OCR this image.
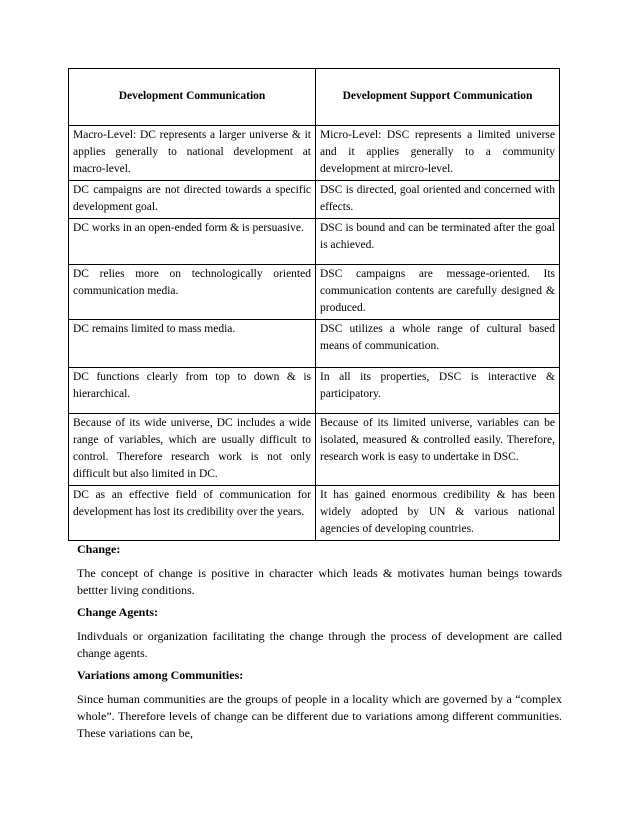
Development Communication	Development Support Communication
Macro-Level: DC represents a larger universe & it applies generally to national development at macro-level.	Micro-Level: DSC represents a limited universe and it applies generally to a community development at mircro-level.
DC campaigns are not directed towards a specific development goal.	DSC is directed, goal oriented and concerned with effects.
DC works in an open-ended form & is persuasive.	DSC is bound and can be terminated after the goal is achieved.
DC relies more on technologically oriented communication media.	DSC campaigns are message-oriented. Its communication contents are carefully designed & produced.
DC remains limited to mass media.	DSC utilizes a whole range of cultural based means of communication.
DC functions clearly from top to down & is hierarchical.	In all its properties, DSC is interactive & participatory.
Because of its wide universe, DC includes a wide range of variables, which are usually difficult to control. Therefore research work is not only difficult but also limited in DC.	Because of its limited universe, variables can be isolated, measured & controlled easily. Therefore, research work is easy to undertake in DSC.
DC as an effective field of communication for development has lost its credibility over the years.	It has gained enormous credibility & has been widely adopted by UN & various national agencies of developing countries.
Change:
The concept of change is positive in character which leads & motivates human beings towards bettter living conditions.
Change Agents:
Indivduals or organization facilitating the change through the process of development are called change agents.
Variations among Communities:
Since human communities are the groups of people in a locality which are governed by a “complex whole”. Therefore levels of change can be different due to variations among different communities. These variations can be,
